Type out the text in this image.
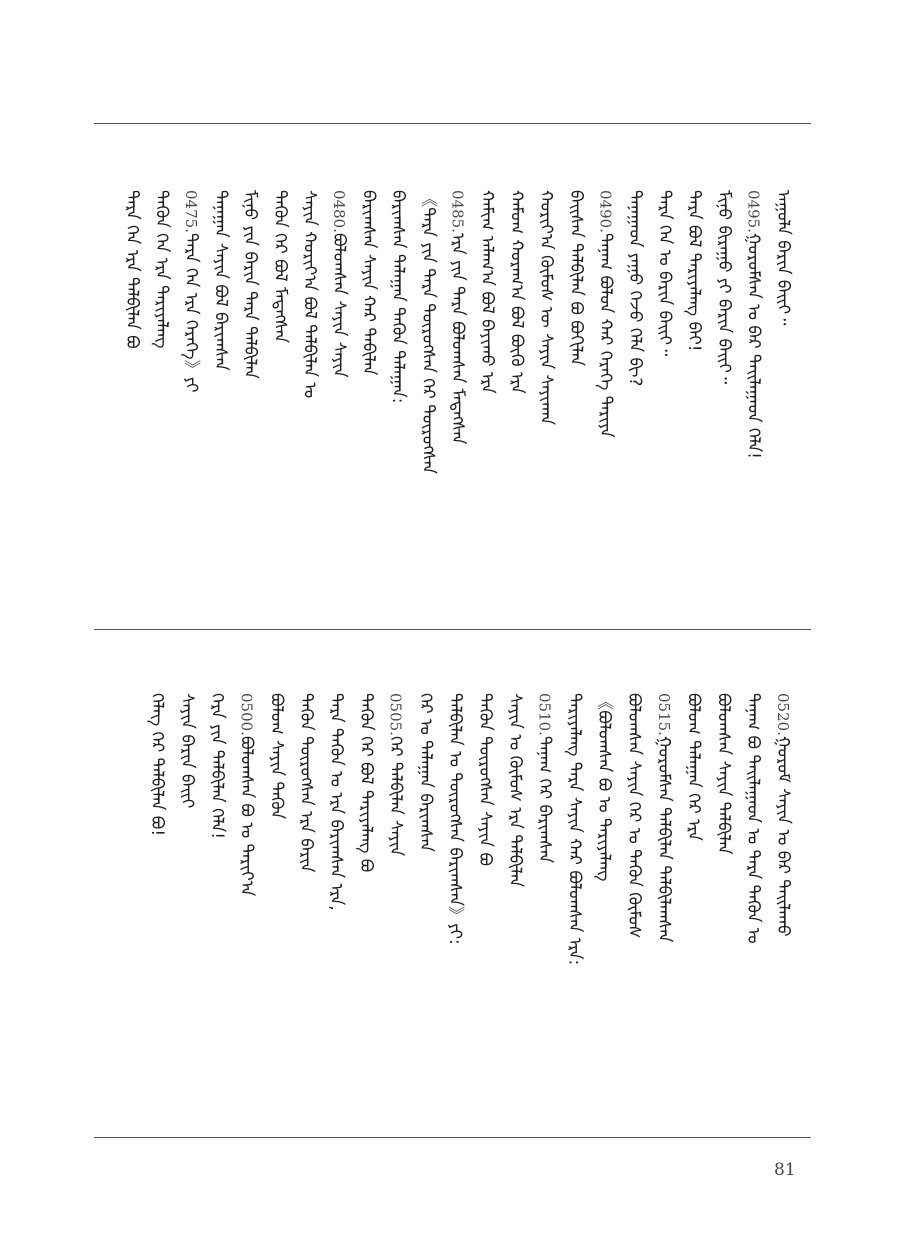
ᠠᠭᠤᠯᠠ ᠪᠠᠷᠢᠨ ᠪᠠᠢᠢ᠃
0495.ᠭᠤᠷᠤᠮᠰᠠᠨ ᠤ ᠪᠠᠷ ᠲᠠᠢᠯᠠᠭᠠᠳ ᠬᠡᠯᠡ!
ᠮᠢᠨᠤ ᠪᠢᠷᠠᠭᠤ ᠶᠢ ᠪᠠᠷᠢᠨ ᠪᠠᠢᠢ᠃
ᠲᠡᠷᠡ ᠪᠤᠯ ᠲᠠᠷᠢᠶᠠᠯᠠᠩ ᠪᠠᠢ!
ᠲᠡᠷᠡ ᠬᠡᠨ ᠤ ᠪᠠᠷᠢᠨ ᠪᠠᠢᠢ᠃
ᠲᠠᠨᠠᠭᠠᠳ ᠶᠠᠭᠤ ᠭᠡᠵᠦ ᠬᠡᠯᠡ ᠪᠢ?
0490.ᠲᠠᠨᠠᠭ ᠪᠤᠯᠤᠨ ᠬᠠᠷ ᠬᠡᠷᠡᠭᠡ ᠲᠠᠷᠢᠶᠠ
ᠪᠠᠢᠰᠠᠨ ᠲᠠᠯᠪᠢᠯᠠᠨ ᠪᠣ ᠪᠣᠬᠢᠯᠠᠨ
ᠬᠤᠷᠢᠶ᠎ᠠ ᠬᠦᠮᠦᠰ ᠦ ᠰᠠᠶᠢᠨ ᠰᠠᠶᠢᠬᠠᠨ
ᠬᠠᠮᠤᠭ ᠬᠤᠷᠠᠭ᠎ᠠ ᠪᠤᠯ ᠪᠦᠬᠦ ᠡᠷᠡ
ᠬᠠᠮᠢᠭ ᠠᠯᠠᠭ᠎ᠠ ᠪᠤᠯ ᠪᠠᠶᠢᠬᠤ ᠡᠷᠡ
0485.ᠡᠷᠡ ᠶᠢᠨ ᠲᠡᠷᠡ ᠪᠣᠯᠤᠭᠰᠠᠨ ᠮᠡᠳᠡᠭᠰᠡᠨ
《ᠲᠡᠷᠡ ᠶᠢᠨ ᠲᠡᠷᠡ ᠲᠦᠷᠦᠭᠰᠡᠨ ᠬᠡᠷ ᠲᠦᠷᠦᠭᠰᠡᠨ
ᠪᠠᠷᠢᠭᠰᠠᠨ ᠲᠠᠯᠠᠭᠠᠨ ᠲᠡᠭᠦᠨ ᠲᠠᠯᠠᠭᠠᠨ:
ᠪᠠᠷᠢᠭᠰᠠᠨ ᠰᠠᠶᠢᠨ ᠬᠠᠷ ᠲᠠᠪᠢᠯᠠᠨ
0480.ᠪᠤᠯᠤᠭᠰᠠᠨ ᠰᠠᠶᠢᠨ ᠰᠠᠶᠢᠨ
ᠰᠠᠶᠢᠨ ᠬᠤᠷᠢᠶ᠎ᠠ ᠪᠤᠯ ᠲᠠᠯᠪᠢᠯᠠᠨ ᠤ
ᠲᠡᠭᠦᠨ ᠬᠡᠷ ᠪᠤᠯ ᠮᠡᠳᠡᠭᠰᠡᠨ
ᠮᠢᠨᠤ ᠶᠢᠨ ᠪᠠᠷᠢᠨ ᠲᠡᠷᠡ ᠲᠠᠯᠪᠢᠯᠠᠨ
ᠲᠠᠨᠠᠭᠠᠨ ᠰᠠᠶᠢᠨ ᠪᠤᠯ ᠪᠠᠷᠢᠭᠰᠠᠨ
0475.ᠲᠡᠷᠡ ᠬᠡᠨ ᠡᠷᠡ ᠬᠡᠷᠡᠭᠡ》ᠶᠢ
ᠲᠡᠭᠦᠨ ᠬᠡᠨ ᠡᠷᠡ ᠲᠠᠷᠢᠶᠠᠯᠠᠩ
ᠲᠡᠷᠡ ᠬᠡᠨ ᠡᠷᠡ ᠲᠠᠯᠪᠢᠯᠠᠨ ᠪᠣ
0520.ᠭᠤᠷᠤᠮ ᠰᠠᠶᠢᠨ ᠤ ᠪᠠᠷ ᠲᠠᠢᠯᠠᠬᠤ
ᠲᠠᠨᠠᠭ ᠪᠣ ᠲᠠᠢᠯᠠᠭᠠᠳ ᠤ ᠲᠡᠷᠡ ᠲᠡᠭᠦᠨ ᠤ
ᠪᠤᠯᠤᠭᠰᠠᠨ ᠰᠠᠶᠢᠨ ᠲᠠᠯᠪᠢᠯᠠᠨ
ᠪᠤᠯᠤᠭ ᠲᠠᠯᠠᠭᠠᠨ ᠬᠡᠷ ᠡᠷᠡ
0515.ᠭᠤᠷᠤᠮᠰᠠᠨ ᠲᠠᠯᠪᠢᠯᠠᠨ ᠲᠠᠯᠪᠢᠯᠠᠭᠰᠠᠨ
ᠪᠤᠯᠤᠭᠰᠠᠨ ᠰᠠᠶᠢᠨ ᠬᠡᠷ ᠤ ᠲᠡᠭᠦᠨ ᠬᠦᠮᠦᠰ
《ᠪᠤᠯᠤᠭᠰᠠᠨ ᠪᠣ ᠤ ᠲᠠᠷᠢᠶᠠᠯᠠᠩ
ᠲᠠᠷᠢᠶᠠᠯᠠᠩ ᠲᠡᠷᠡ ᠰᠠᠶᠢᠨ ᠬᠠᠷ ᠪᠤᠯᠤᠭᠰᠠᠨ ᠡᠷᠡ:
0510.ᠲᠠᠨᠠᠭ ᠬᠡᠷ ᠪᠠᠷᠢᠭᠰᠠᠨ
ᠰᠠᠶᠢᠨ ᠤ ᠬᠦᠮᠦᠰ ᠡᠷᠡ ᠲᠠᠯᠪᠢᠯᠠᠨ
ᠲᠡᠭᠦᠨ ᠲᠦᠷᠦᠭᠰᠡᠨ ᠰᠠᠶᠢᠨ ᠪᠣ
ᠲᠠᠯᠪᠢᠯᠠᠨ ᠤ ᠲᠦᠷᠦᠭᠰᠡᠨ ᠪᠠᠷᠢᠭᠰᠠᠨ》ᠶᠢ:
ᠬᠡᠷ ᠤ ᠲᠠᠯᠠᠭᠠᠨ ᠪᠠᠷᠢᠭᠰᠠᠨ
0505.ᠬᠡᠷ ᠲᠠᠯᠪᠢᠯᠠᠨ ᠰᠠᠶᠢᠨ
ᠲᠡᠭᠦᠨ ᠬᠡᠷ ᠪᠤᠯ ᠲᠠᠷᠢᠶᠠᠯᠠᠩ ᠪᠣ
ᠲᠡᠷᠡ ᠲᠡᠭᠦᠨ ᠤ ᠡᠷᠡ ᠪᠠᠷᠢᠭᠰᠠᠨ ᠡᠷᠡ,
ᠲᠡᠭᠦᠨ ᠲᠦᠷᠦᠭᠰᠡᠨ ᠡᠷᠡ ᠪᠠᠷᠢᠨ
ᠪᠤᠯᠤᠭ ᠰᠠᠶᠢᠨ ᠲᠡᠭᠦᠨ
0500.ᠪᠤᠯᠤᠭᠰᠠᠨ ᠪᠣ ᠤ ᠲᠠᠷᠢᠶ᠎ᠠ
ᠬᠡᠷᠡ ᠶᠢᠨ ᠲᠠᠯᠪᠢᠯᠠᠨ ᠬᠡᠯᠡ!
ᠰᠠᠶᠢᠨ ᠪᠠᠷᠢᠨ ᠪᠠᠢᠢ
ᠬᠡᠯᠡᠭ ᠬᠡᠷ ᠲᠠᠯᠪᠢᠯᠠᠨ ᠪᠣ!
81
